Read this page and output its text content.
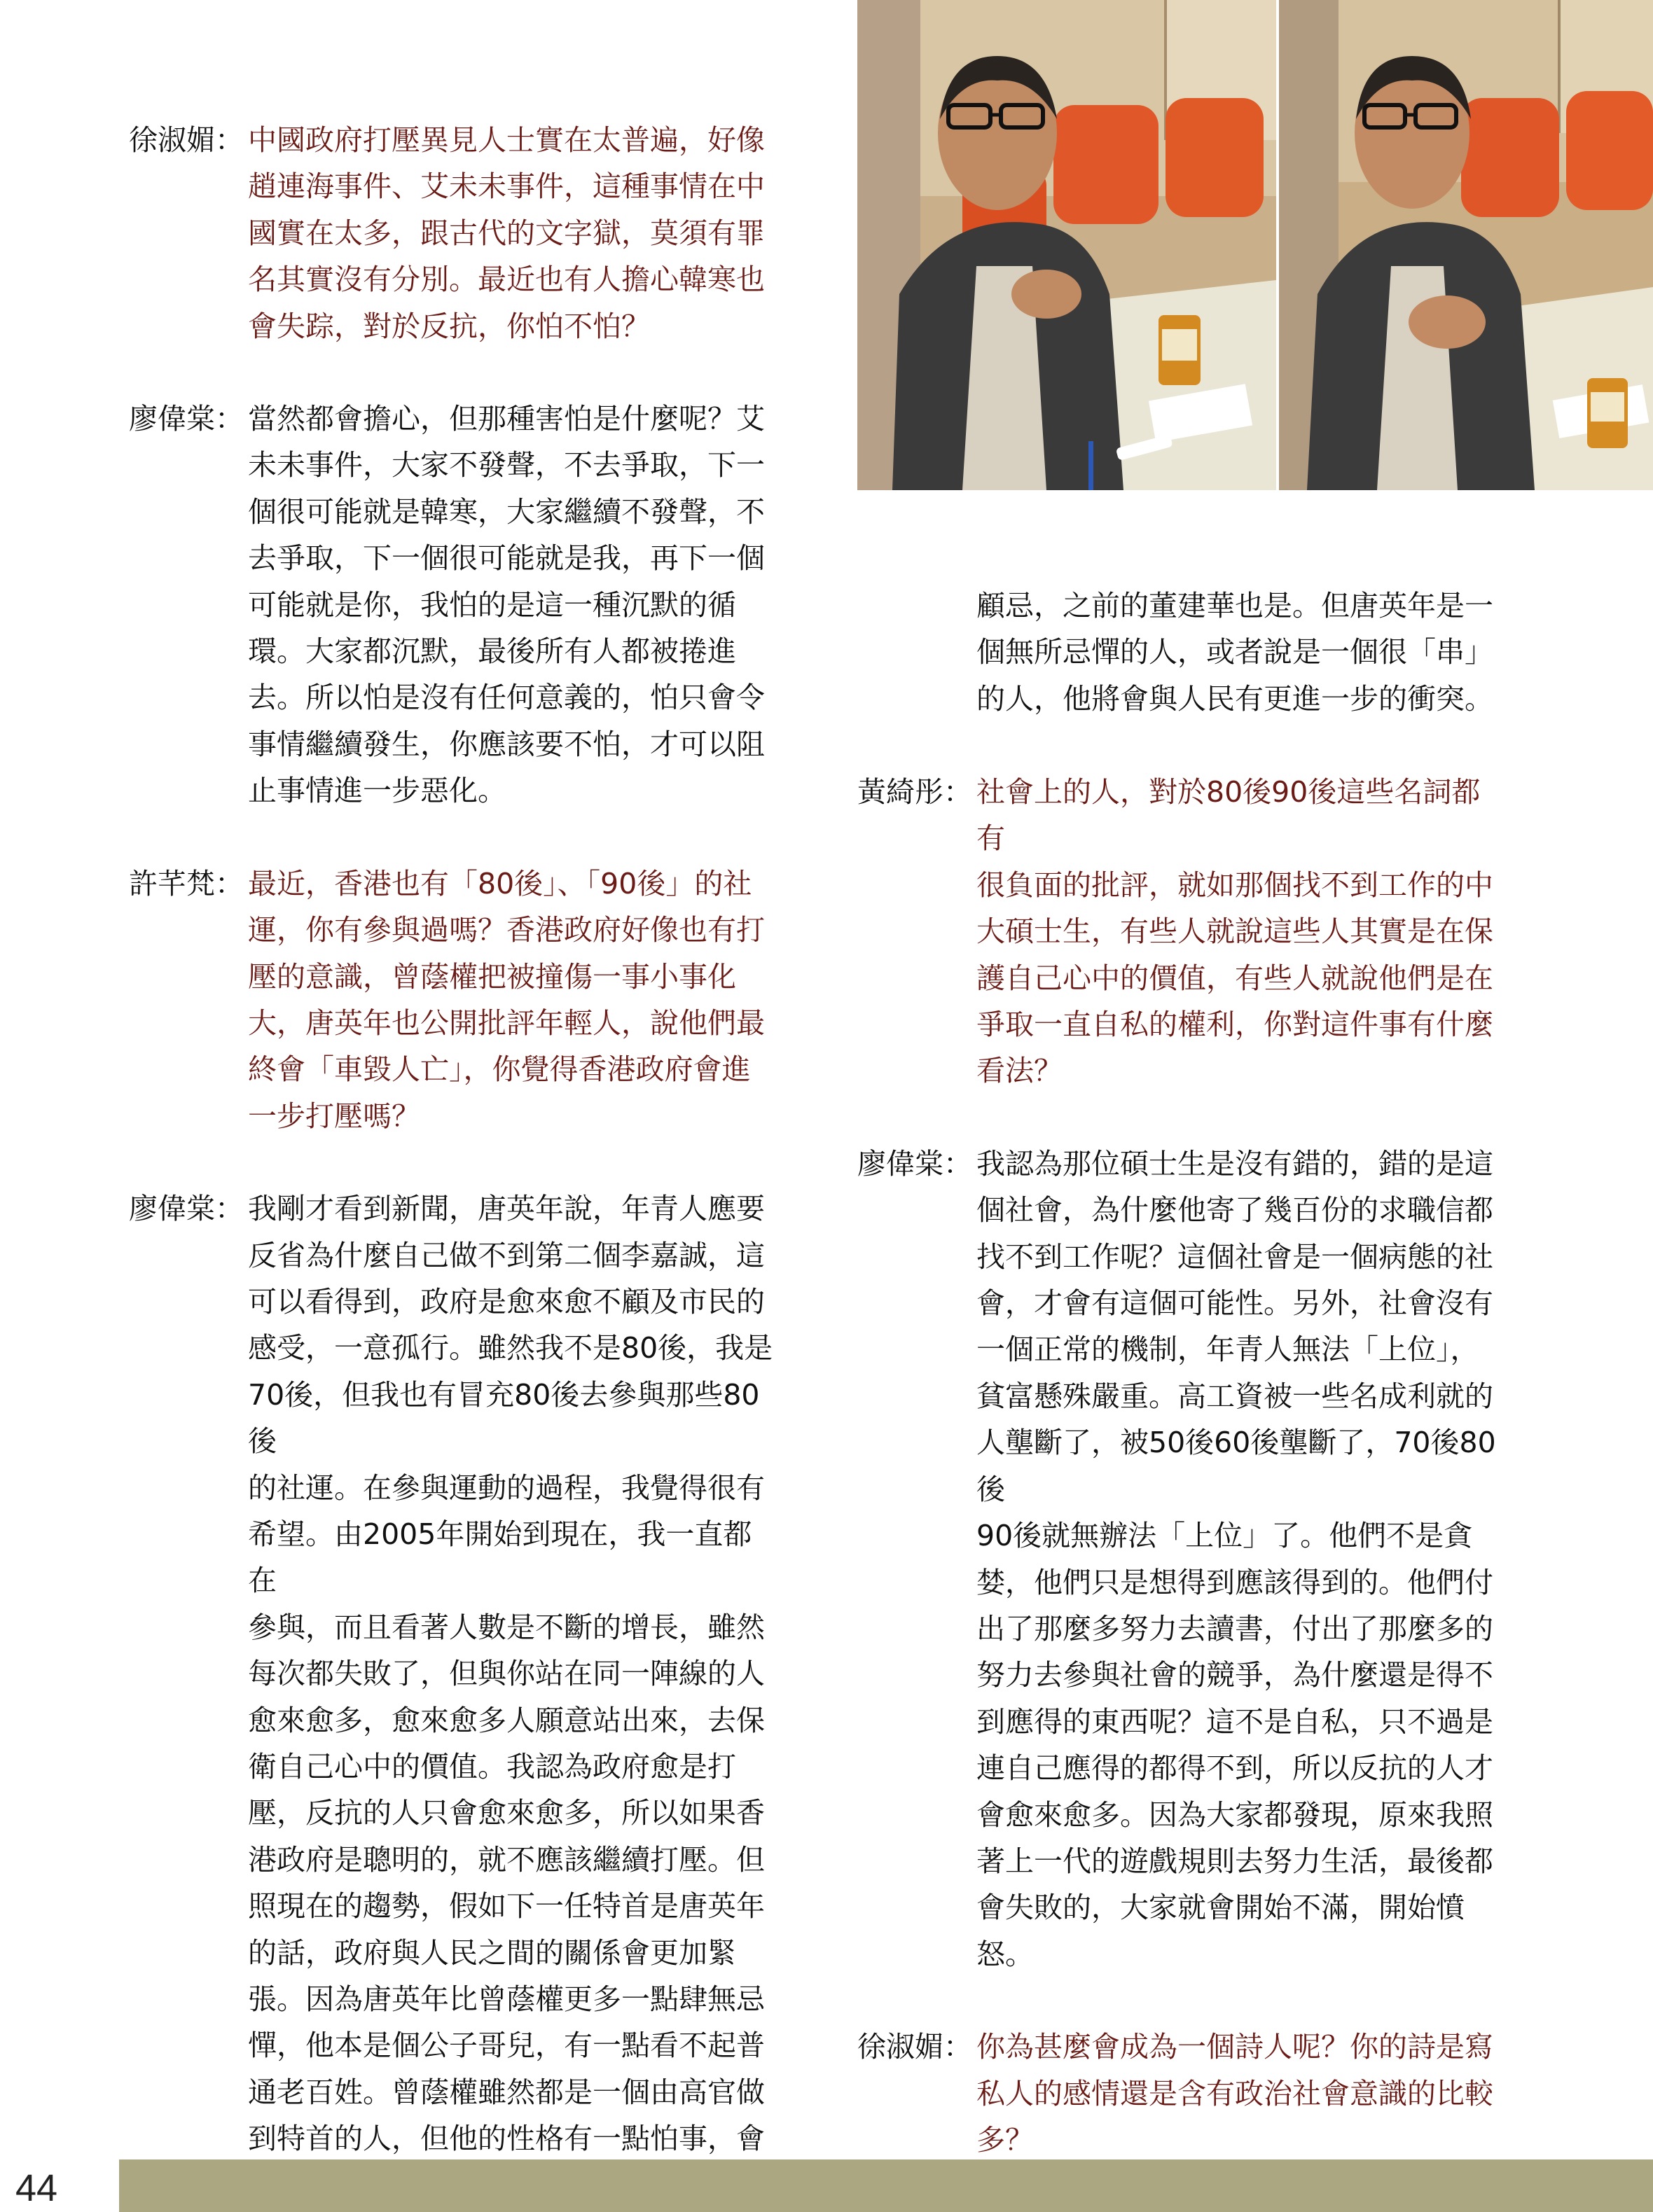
徐淑媚： 中國政府打壓異見人士實在太普遍，好像
趙連海事件、艾未未事件，這種事情在中
國實在太多，跟古代的文字獄，莫須有罪
名其實沒有分別。最近也有人擔心韓寒也
會失踪，對於反抗，你怕不怕？

廖偉棠： 當然都會擔心，但那種害怕是什麼呢？艾
未未事件，大家不發聲，不去爭取，下一
個很可能就是韓寒，大家繼續不發聲，不
去爭取，下一個很可能就是我，再下一個
可能就是你，我怕的是這一種沉默的循
環。大家都沉默，最後所有人都被捲進
去。所以怕是沒有任何意義的，怕只會令
事情繼續發生，你應該要不怕，才可以阻
止事情進一步惡化。

許芊梵： 最近，香港也有「80後」、「90後」的社
運，你有參與過嗎？香港政府好像也有打
壓的意識，曾蔭權把被撞傷一事小事化
大，唐英年也公開批評年輕人，說他們最
終會「車毀人亡」，你覺得香港政府會進
一步打壓嗎？

廖偉棠： 我剛才看到新聞，唐英年說，年青人應要
反省為什麼自己做不到第二個李嘉誠，這
可以看得到，政府是愈來愈不顧及市民的
感受，一意孤行。雖然我不是80後，我是
70後，但我也有冒充80後去參與那些80後
的社運。在參與運動的過程，我覺得很有
希望。由2005年開始到現在，我一直都在
參與，而且看著人數是不斷的增長，雖然
每次都失敗了，但與你站在同一陣線的人
愈來愈多，愈來愈多人願意站出來，去保
衛自己心中的價值。我認為政府愈是打
壓，反抗的人只會愈來愈多，所以如果香
港政府是聰明的，就不應該繼續打壓。但
照現在的趨勢，假如下一任特首是唐英年
的話，政府與人民之間的關係會更加緊
張。因為唐英年比曾蔭權更多一點肆無忌
憚，他本是個公子哥兒，有一點看不起普
通老百姓。曾蔭權雖然都是一個由高官做
到特首的人，但他的性格有一點怕事，會

顧忌，之前的董建華也是。但唐英年是一
個無所忌憚的人，或者說是一個很「串」
的人，他將會與人民有更進一步的衝突。

黃綺彤： 社會上的人，對於80後90後這些名詞都有
很負面的批評，就如那個找不到工作的中
大碩士生，有些人就說這些人其實是在保
護自己心中的價值，有些人就說他們是在
爭取一直自私的權利，你對這件事有什麼
看法？

廖偉棠： 我認為那位碩士生是沒有錯的，錯的是這
個社會，為什麼他寄了幾百份的求職信都
找不到工作呢？這個社會是一個病態的社
會，才會有這個可能性。另外，社會沒有
一個正常的機制，年青人無法「上位」，
貧富懸殊嚴重。高工資被一些名成利就的
人壟斷了，被50後60後壟斷了，70後80後
90後就無辦法「上位」了。他們不是貪
婪，他們只是想得到應該得到的。他們付
出了那麼多努力去讀書，付出了那麼多的
努力去參與社會的競爭，為什麼還是得不
到應得的東西呢？這不是自私，只不過是
連自己應得的都得不到，所以反抗的人才
會愈來愈多。因為大家都發現，原來我照
著上一代的遊戲規則去努力生活，最後都
會失敗的，大家就會開始不滿，開始憤
怒。

徐淑媚： 你為甚麼會成為一個詩人呢？你的詩是寫
私人的感情還是含有政治社會意識的比較
多？

44
